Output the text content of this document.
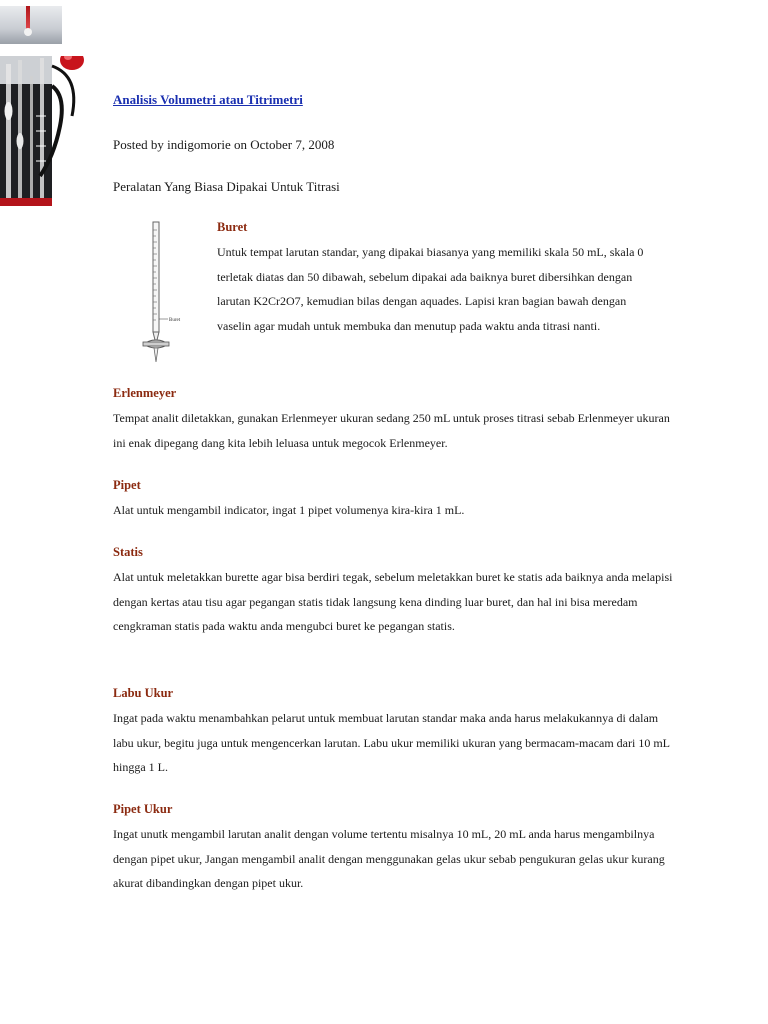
Analisis Volumetri atau Titrimetri
Posted by indigomorie on October 7, 2008
Peralatan Yang Biasa Dipakai Untuk Titrasi
Buret
Buret

Untuk tempat larutan standar, yang dipakai biasanya yang memiliki skala 50 mL, skala 0 terletak diatas dan 50 dibawah, sebelum dipakai ada baiknya buret dibersihkan dengan larutan K2Cr2O7, kemudian bilas dengan aquades. Lapisi kran bagian bawah dengan vaselin agar mudah untuk membuka dan menutup pada waktu anda titrasi nanti.

Erlenmeyer

Tempat analit diletakkan, gunakan Erlenmeyer ukuran sedang 250 mL untuk proses titrasi sebab Erlenmeyer ukuran ini enak dipegang dang kita lebih leluasa untuk megocok Erlenmeyer.

Pipet

Alat untuk mengambil indicator, ingat 1 pipet volumenya kira-kira 1 mL.

Statis

Alat untuk meletakkan burette agar bisa berdiri tegak, sebelum meletakkan buret ke statis ada baiknya anda melapisi dengan kertas atau tisu agar pegangan statis tidak langsung kena dinding luar buret, dan hal ini bisa meredam cengkraman statis pada waktu anda mengubci buret ke pegangan statis.

Labu Ukur

Ingat pada waktu menambahkan pelarut untuk membuat larutan standar maka anda harus melakukannya di dalam labu ukur, begitu juga untuk mengencerkan larutan. Labu ukur memiliki ukuran yang bermacam-macam dari 10 mL hingga 1 L.

Pipet Ukur

Ingat unutk mengambil larutan analit dengan volume tertentu misalnya 10 mL, 20 mL anda harus mengambilnya dengan pipet ukur, Jangan mengambil analit dengan menggunakan gelas ukur sebab pengukuran gelas ukur kurang akurat dibandingkan dengan pipet ukur.
